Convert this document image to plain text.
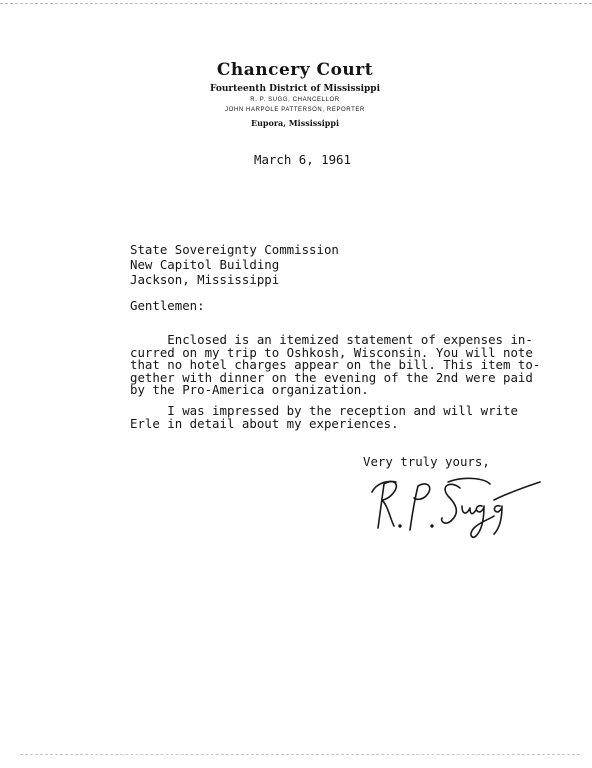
Chancery Court
Fourteenth District of Mississippi
R. P. SUGG, CHANCELLOR
JOHN HARPOLE PATTERSON, REPORTER
Eupora, Mississippi
March 6, 1961
State Sovereignty Commission
New Capitol Building
Jackson, Mississippi
Gentlemen:
Enclosed is an itemized statement of expenses in-
curred on my trip to Oshkosh, Wisconsin. You will note
that no hotel charges appear on the bill. This item to-
gether with dinner on the evening of the 2nd were paid
by the Pro-America organization.
I was impressed by the reception and will write
Erle in detail about my experiences.
Very truly yours,
